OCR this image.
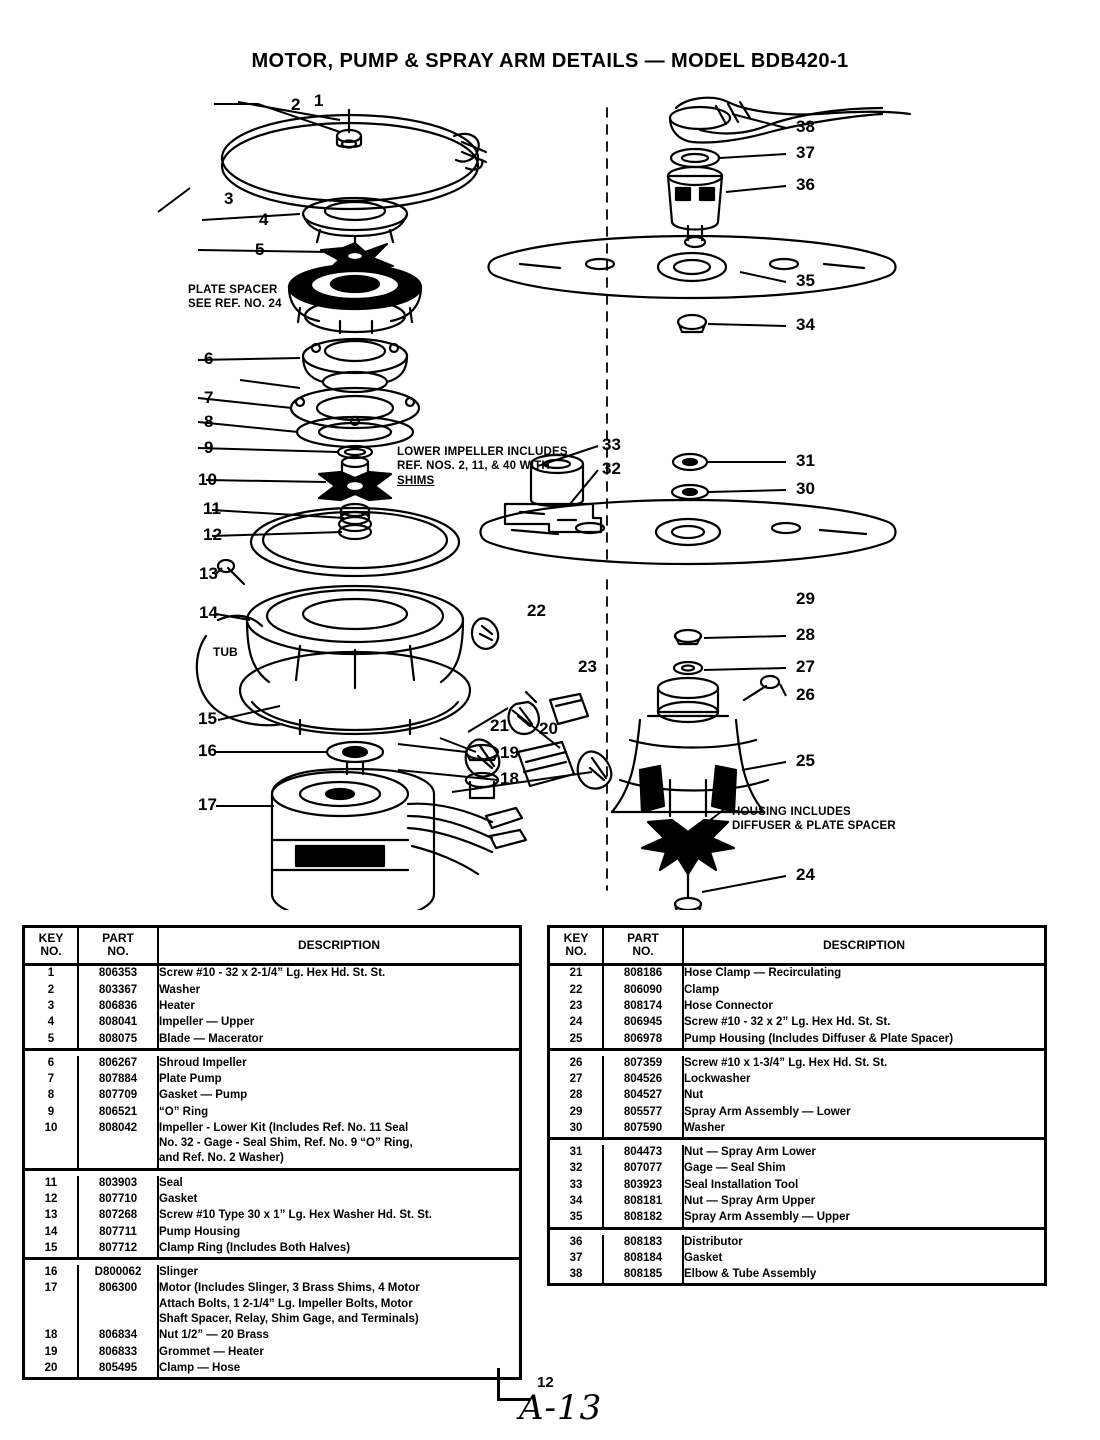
MOTOR, PUMP & SPRAY ARM DETAILS — MODEL BDB420-1
1
2
3
4
5
6
7
8
9
10
11
12
13
14
15
16
17
18
19
20
21
22
23
24
25
26
27
28
29
30
31
32
33
34
35
36
37
38
PLATE SPACER
SEE REF. NO. 24
LOWER IMPELLER INCLUDES
REF. NOS. 2, 11, & 40 WITH
SHIMS
HOUSING INCLUDES
DIFFUSER & PLATE SPACER
TUB
KEY
NO.	PART
NO.	DESCRIPTION
1	806353	Screw #10 - 32 x 2-1/4” Lg. Hex Hd. St. St.

2	803367	Washer

3	806836	Heater

4	808041	Impeller — Upper

5	808075	Blade — Macerator

6	806267	Shroud Impeller

7	807884	Plate Pump

8	807709	Gasket — Pump

9	806521	“O” Ring

10	808042	Impeller - Lower Kit (Includes Ref. No. 11 Seal
No. 32 - Gage - Seal Shim, Ref. No. 9 “O” Ring,
and Ref. No. 2 Washer)

11	803903	Seal

12	807710	Gasket

13	807268	Screw #10 Type 30 x 1” Lg. Hex Washer Hd. St. St.

14	807711	Pump Housing

15	807712	Clamp Ring (Includes Both Halves)

16	D800062	Slinger

17	806300	Motor (Includes Slinger, 3 Brass Shims, 4 Motor
Attach Bolts, 1 2-1/4” Lg. Impeller Bolts, Motor
Shaft Spacer, Relay, Shim Gage, and Terminals)

18	806834	Nut 1/2” — 20 Brass

19	806833	Grommet — Heater

20	805495	Clamp — Hose
KEY
NO.	PART
NO.	DESCRIPTION
21	808186	Hose Clamp — Recirculating

22	806090	Clamp

23	808174	Hose Connector

24	806945	Screw #10 - 32 x 2” Lg. Hex Hd. St. St.

25	806978	Pump Housing (Includes Diffuser & Plate Spacer)

26	807359	Screw #10 x 1-3/4” Lg. Hex Hd. St. St.

27	804526	Lockwasher

28	804527	Nut

29	805577	Spray Arm Assembly — Lower

30	807590	Washer

31	804473	Nut — Spray Arm Lower

32	807077	Gage — Seal Shim

33	803923	Seal Installation Tool

34	808181	Nut — Spray Arm Upper

35	808182	Spray Arm Assembly — Upper

36	808183	Distributor

37	808184	Gasket

38	808185	Elbow & Tube Assembly
12
A-13
